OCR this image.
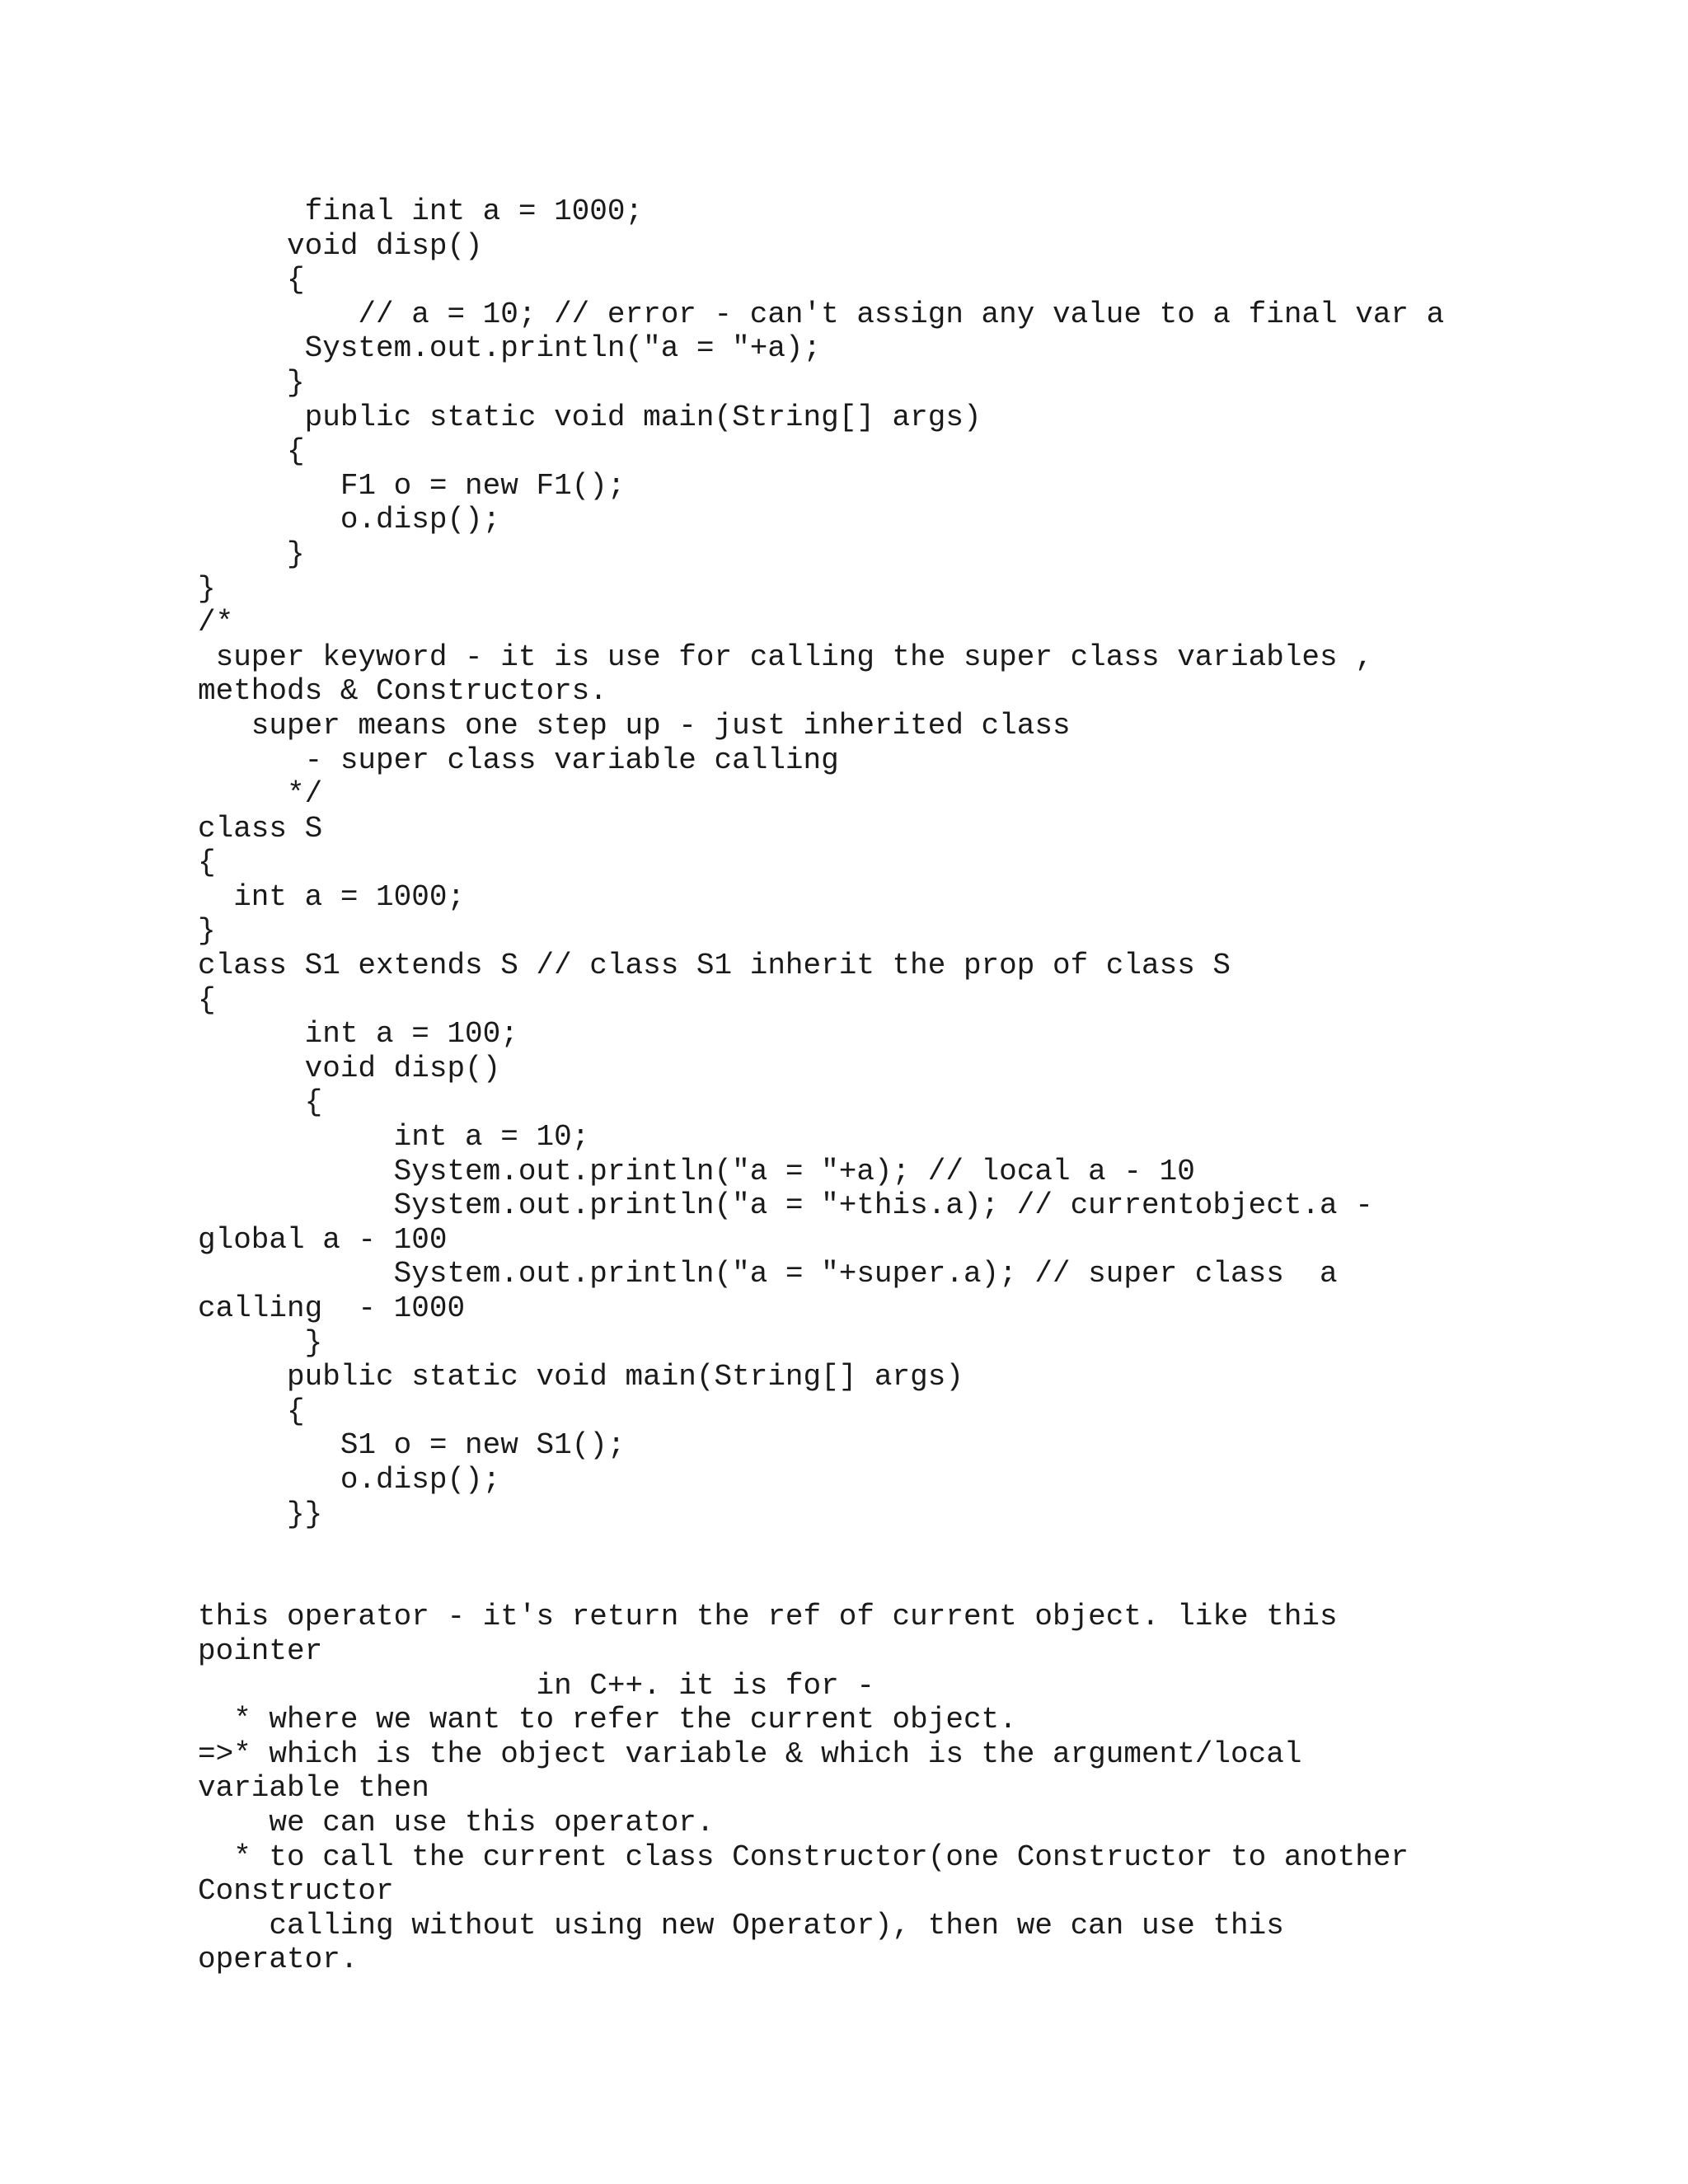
final int a = 1000;
void disp()
{
// a = 10; // error - can't assign any value to a final var a
System.out.println("a = "+a);
}
public static void main(String[] args)
{
F1 o = new F1();
o.disp();
}
}
/*
super keyword - it is use for calling the super class variables ,
methods & Constructors.
super means one step up - just inherited class
- super class variable calling
*/
class S
{
int a = 1000;
}
class S1 extends S // class S1 inherit the prop of class S
{
int a = 100;
void disp()
{
int a = 10;
System.out.println("a = "+a); // local a - 10
System.out.println("a = "+this.a); // currentobject.a -
global a - 100
System.out.println("a = "+super.a); // super class  a
calling  - 1000
}
public static void main(String[] args)
{
S1 o = new S1();
o.disp();
}}
this operator - it's return the ref of current object. like this
pointer
in C++. it is for -
* where we want to refer the current object.
=>* which is the object variable & which is the argument/local
variable then
we can use this operator.
* to call the current class Constructor(one Constructor to another
Constructor
calling without using new Operator), then we can use this
operator.
